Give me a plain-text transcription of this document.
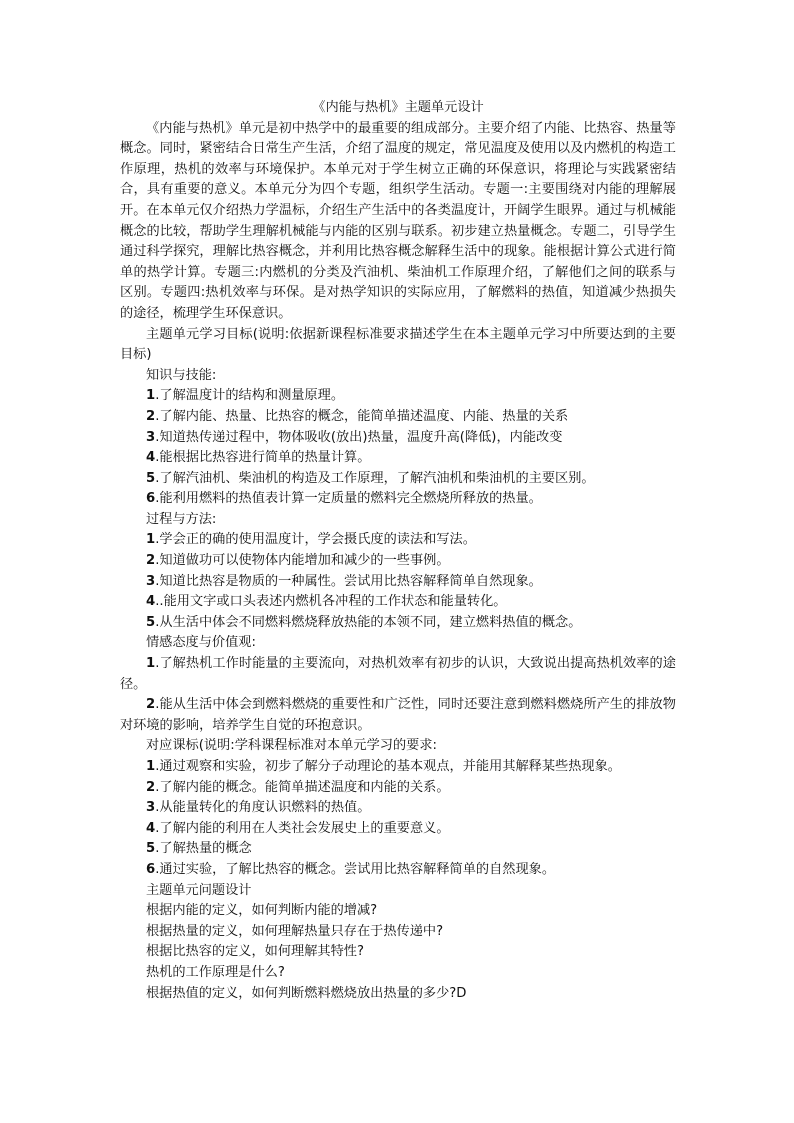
《内能与热机》主题单元设计

《内能与热机》单元是初中热学中的最重要的组成部分。主要介绍了内能、比热容、热量等概念。同时，紧密结合日常生产生活，介绍了温度的规定，常见温度及使用以及内燃机的构造工作原理，热机的效率与环境保护。本单元对于学生树立正确的环保意识，将理论与实践紧密结合，具有重要的意义。本单元分为四个专题，组织学生活动。专题一:主要围绕对内能的理解展开。在本单元仅介绍热力学温标，介绍生产生活中的各类温度计，开阔学生眼界。通过与机械能概念的比较，帮助学生理解机械能与内能的区别与联系。初步建立热量概念。专题二，引导学生通过科学探究，理解比热容概念，并利用比热容概念解释生活中的现象。能根据计算公式进行简单的热学计算。专题三:内燃机的分类及汽油机、柴油机工作原理介绍，了解他们之间的联系与区别。专题四:热机效率与环保。是对热学知识的实际应用，了解燃料的热值，知道减少热损失的途径，梳理学生环保意识。

主题单元学习目标(说明:依据新课程标准要求描述学生在本主题单元学习中所要达到的主要目标)

知识与技能:

1.了解温度计的结构和测量原理。

2.了解内能、热量、比热容的概念，能简单描述温度、内能、热量的关系

3.知道热传递过程中，物体吸收(放出)热量，温度升高(降低)，内能改变

4.能根据比热容进行简单的热量计算。

5.了解汽油机、柴油机的构造及工作原理，了解汽油机和柴油机的主要区别。

6.能利用燃料的热值表计算一定质量的燃料完全燃烧所释放的热量。

过程与方法:

1.学会正的确的使用温度计，学会摄氏度的读法和写法。

2.知道做功可以使物体内能增加和减少的一些事例。

3.知道比热容是物质的一种属性。尝试用比热容解释简单自然现象。

4..能用文字或口头表述内燃机各冲程的工作状态和能量转化。

5.从生活中体会不同燃料燃烧释放热能的本领不同，建立燃料热值的概念。

情感态度与价值观:

1.了解热机工作时能量的主要流向，对热机效率有初步的认识，大致说出提高热机效率的途径。

2.能从生活中体会到燃料燃烧的重要性和广泛性，同时还要注意到燃料燃烧所产生的排放物对环境的影响，培养学生自觉的环抱意识。

对应课标(说明:学科课程标准对本单元学习的要求:

1.通过观察和实验，初步了解分子动理论的基本观点，并能用其解释某些热现象。

2.了解内能的概念。能简单描述温度和内能的关系。

3.从能量转化的角度认识燃料的热值。

4.了解内能的利用在人类社会发展史上的重要意义。

5.了解热量的概念

6.通过实验，了解比热容的概念。尝试用比热容解释简单的自然现象。

主题单元问题设计

根据内能的定义，如何判断内能的增减?

根据热量的定义，如何理解热量只存在于热传递中?

根据比热容的定义，如何理解其特性?

热机的工作原理是什么?

根据热值的定义，如何判断燃料燃烧放出热量的多少?D
